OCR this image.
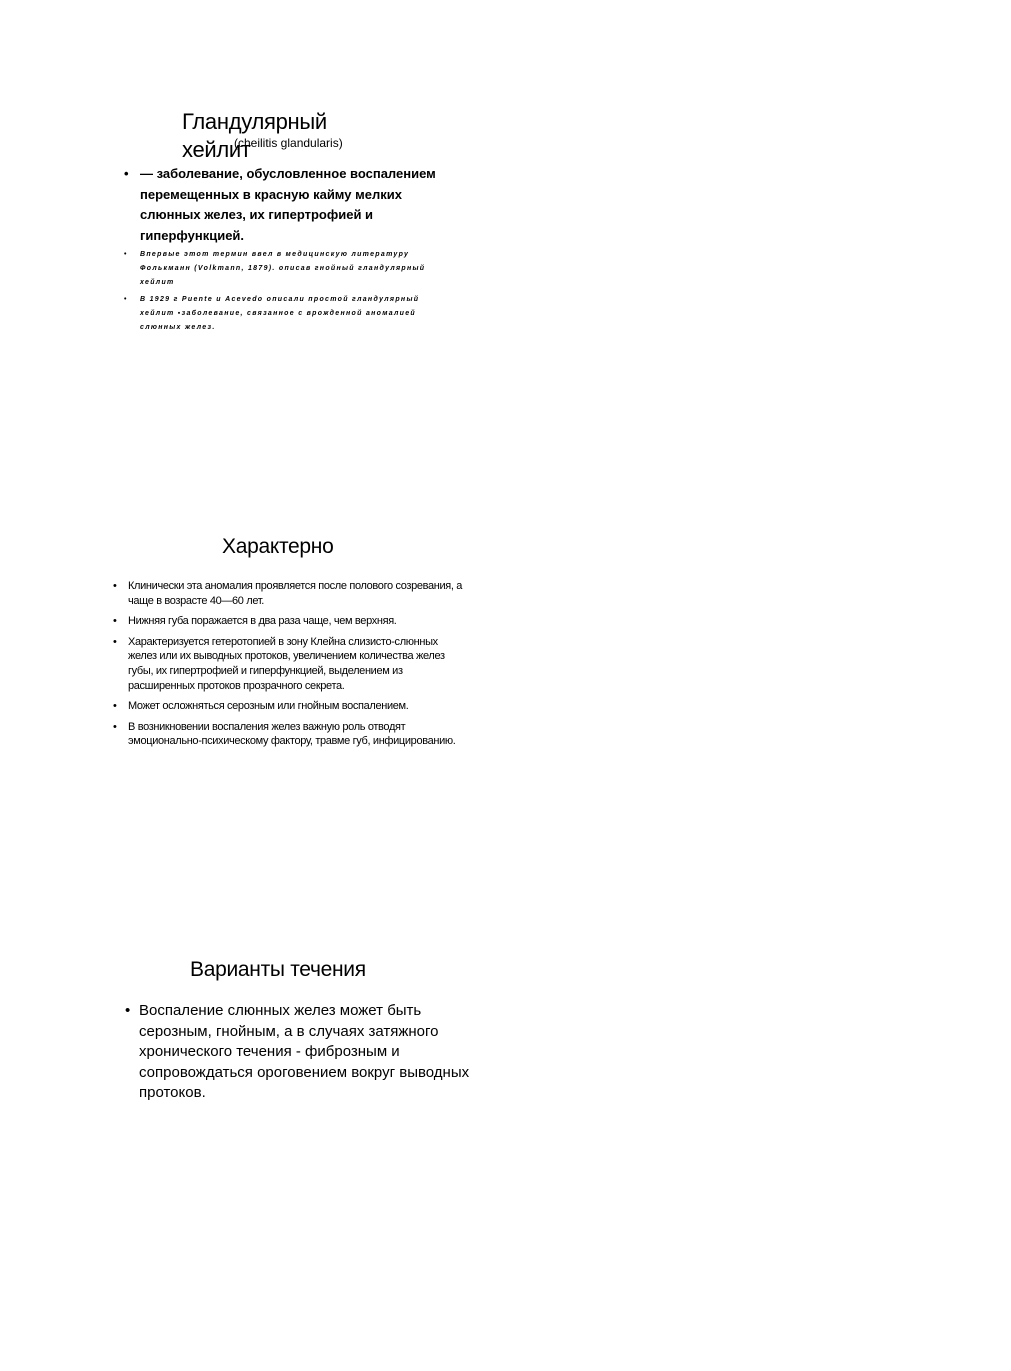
Гландулярный хейлит
(cheilitis glandularis)
• — заболевание, обусловленное воспалением перемещенных в красную кайму мелких слюнных желез, их гипертрофией и гиперфункцией.
• Впервые этот термин ввел в медицинскую литературу Фолькманн (Volkmann, 1879). описав гнойный гландулярный хейлит
• В 1929 г Puente и Acevedo описали простой гландулярный хейлит ▪заболевание, связанное с врожденной аномалией слюнных желез.
Характерно
• Клинически эта аномалия проявляется после полового созревания, а чаще в возрасте 40—60 лет.
• Нижняя губа поражается в два раза чаще, чем верхняя.
• Характеризуется гетеротопией в зону Клейна слизисто-слюнных желез или их выводных протоков, увеличением количества желез губы, их гипертрофией и гиперфункцией, выделением из расширенных протоков прозрачного секрета.
• Может осложняться серозным или гнойным воспалением.
• В возникновении воспаления желез важную роль отводят эмоционально-психическому фактору, травме губ, инфицированию.
Варианты течения
• Воспаление слюнных желез может быть серозным, гнойным, а в случаях затяжного хронического течения - фиброзным и сопровождаться ороговением вокруг выводных протоков.
